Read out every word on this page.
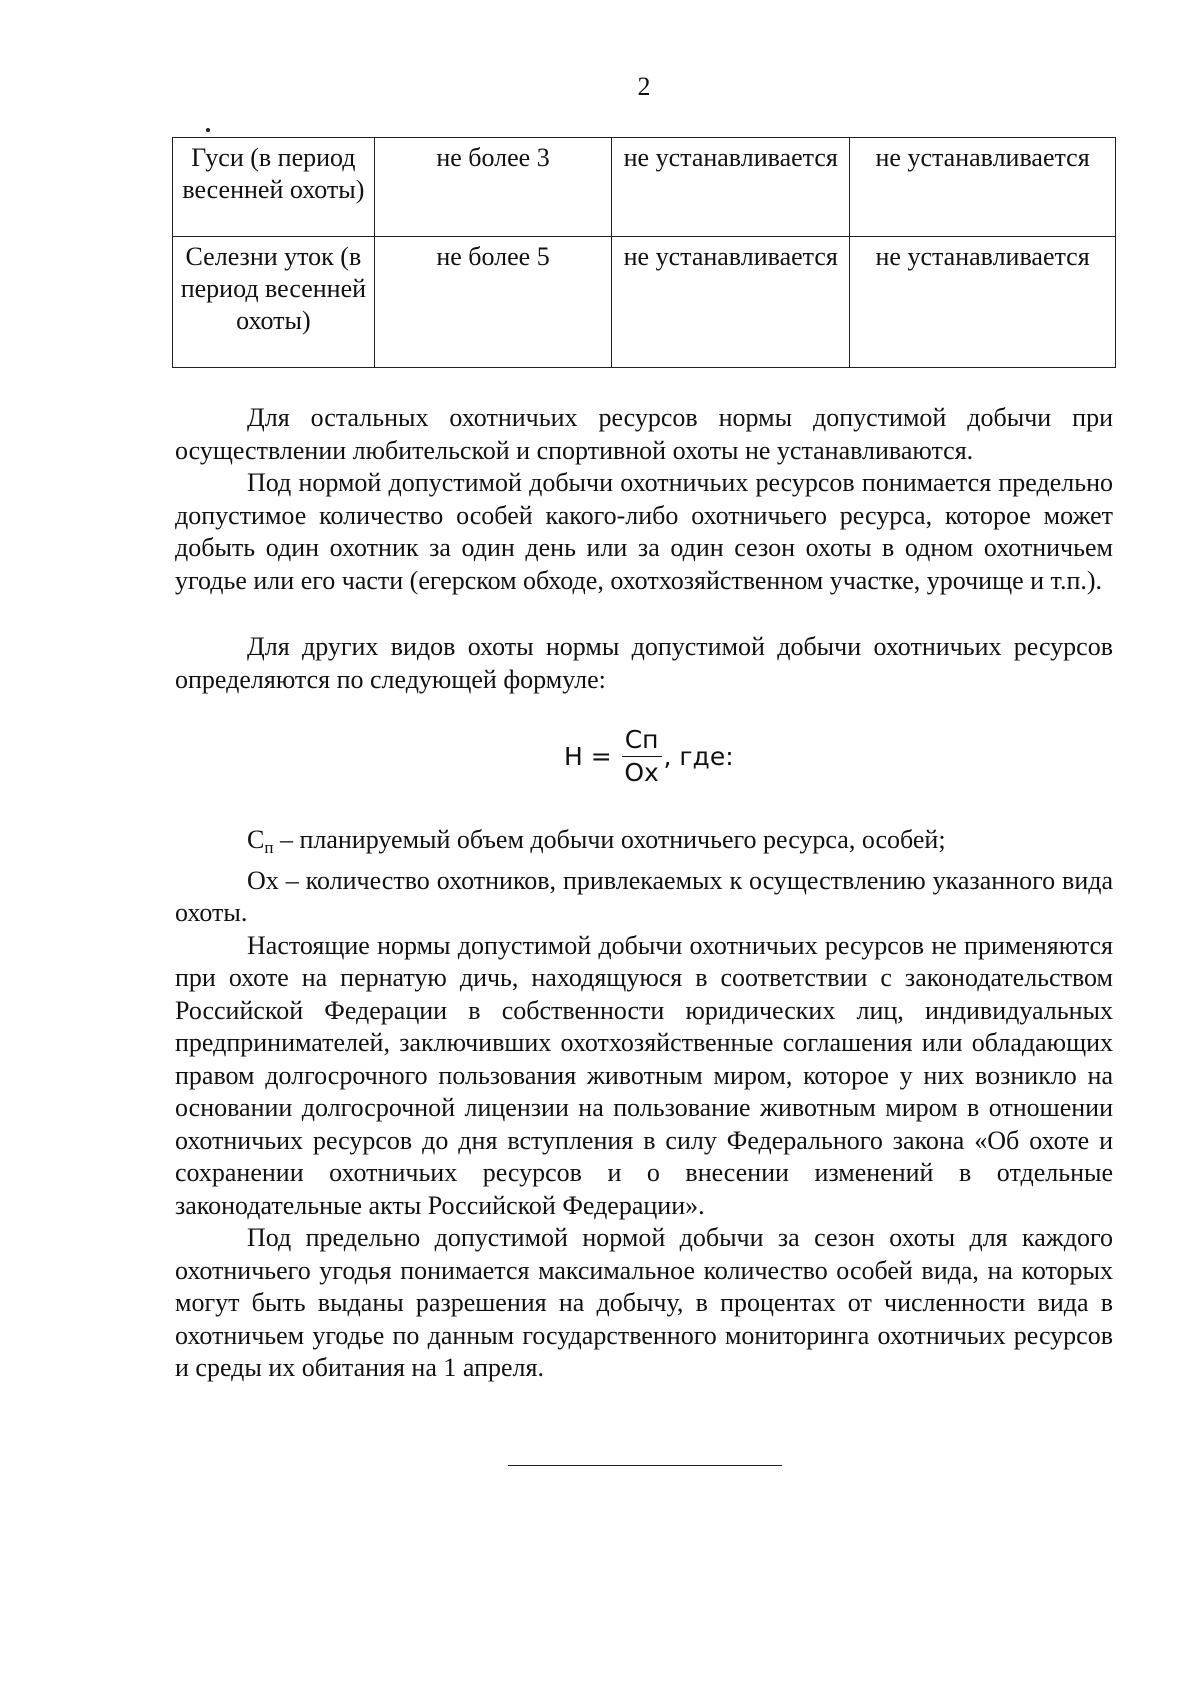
2
Гуси (в период весенней охоты)	не более 3	не устанавливается	не устанавливается
Селезни уток (в период весенней охоты)	не более 5	не устанавливается	не устанавливается

Для остальных охотничьих ресурсов нормы допустимой добычи при осуществлении любительской и спортивной охоты не устанавливаются.

Под нормой допустимой добычи охотничьих ресурсов понимается предельно допустимое количество особей какого-либо охотничьего ресурса, которое может добыть один охотник за один день или за один сезон охоты в одном охотничьем угодье или его части (егерском обходе, охотхозяйственном участке, урочище и т.п.).

Для других видов охоты нормы допустимой добычи охотничьих ресурсов определяются по следующей формуле:

$Н = \frac{Cп}{Ох}$ , где:

$С_п$ – планируемый объем добычи охотничьего ресурса, особей;

Ох – количество охотников, привлекаемых к осуществлению указанного вида охоты.

Настоящие нормы допустимой добычи охотничьих ресурсов не применяются при охоте на пернатую дичь, находящуюся в соответствии с законодательством Российской Федерации в собственности юридических лиц, индивидуальных предпринимателей, заключивших охотхозяйственные соглашения или обладающих правом долгосрочного пользования животным миром, которое у них возникло на основании долгосрочной лицензии на пользование животным миром в отношении охотничьих ресурсов до дня вступления в силу Федерального закона «Об охоте и сохранении охотничьих ресурсов и о внесении изменений в отдельные законодательные акты Российской Федерации».

Под предельно допустимой нормой добычи за сезон охоты для каждого охотничьего угодья понимается максимальное количество особей вида, на которых могут быть выданы разрешения на добычу, в процентах от численности вида в охотничьем угодье по данным государственного мониторинга охотничьих ресурсов и среды их обитания на 1 апреля.
